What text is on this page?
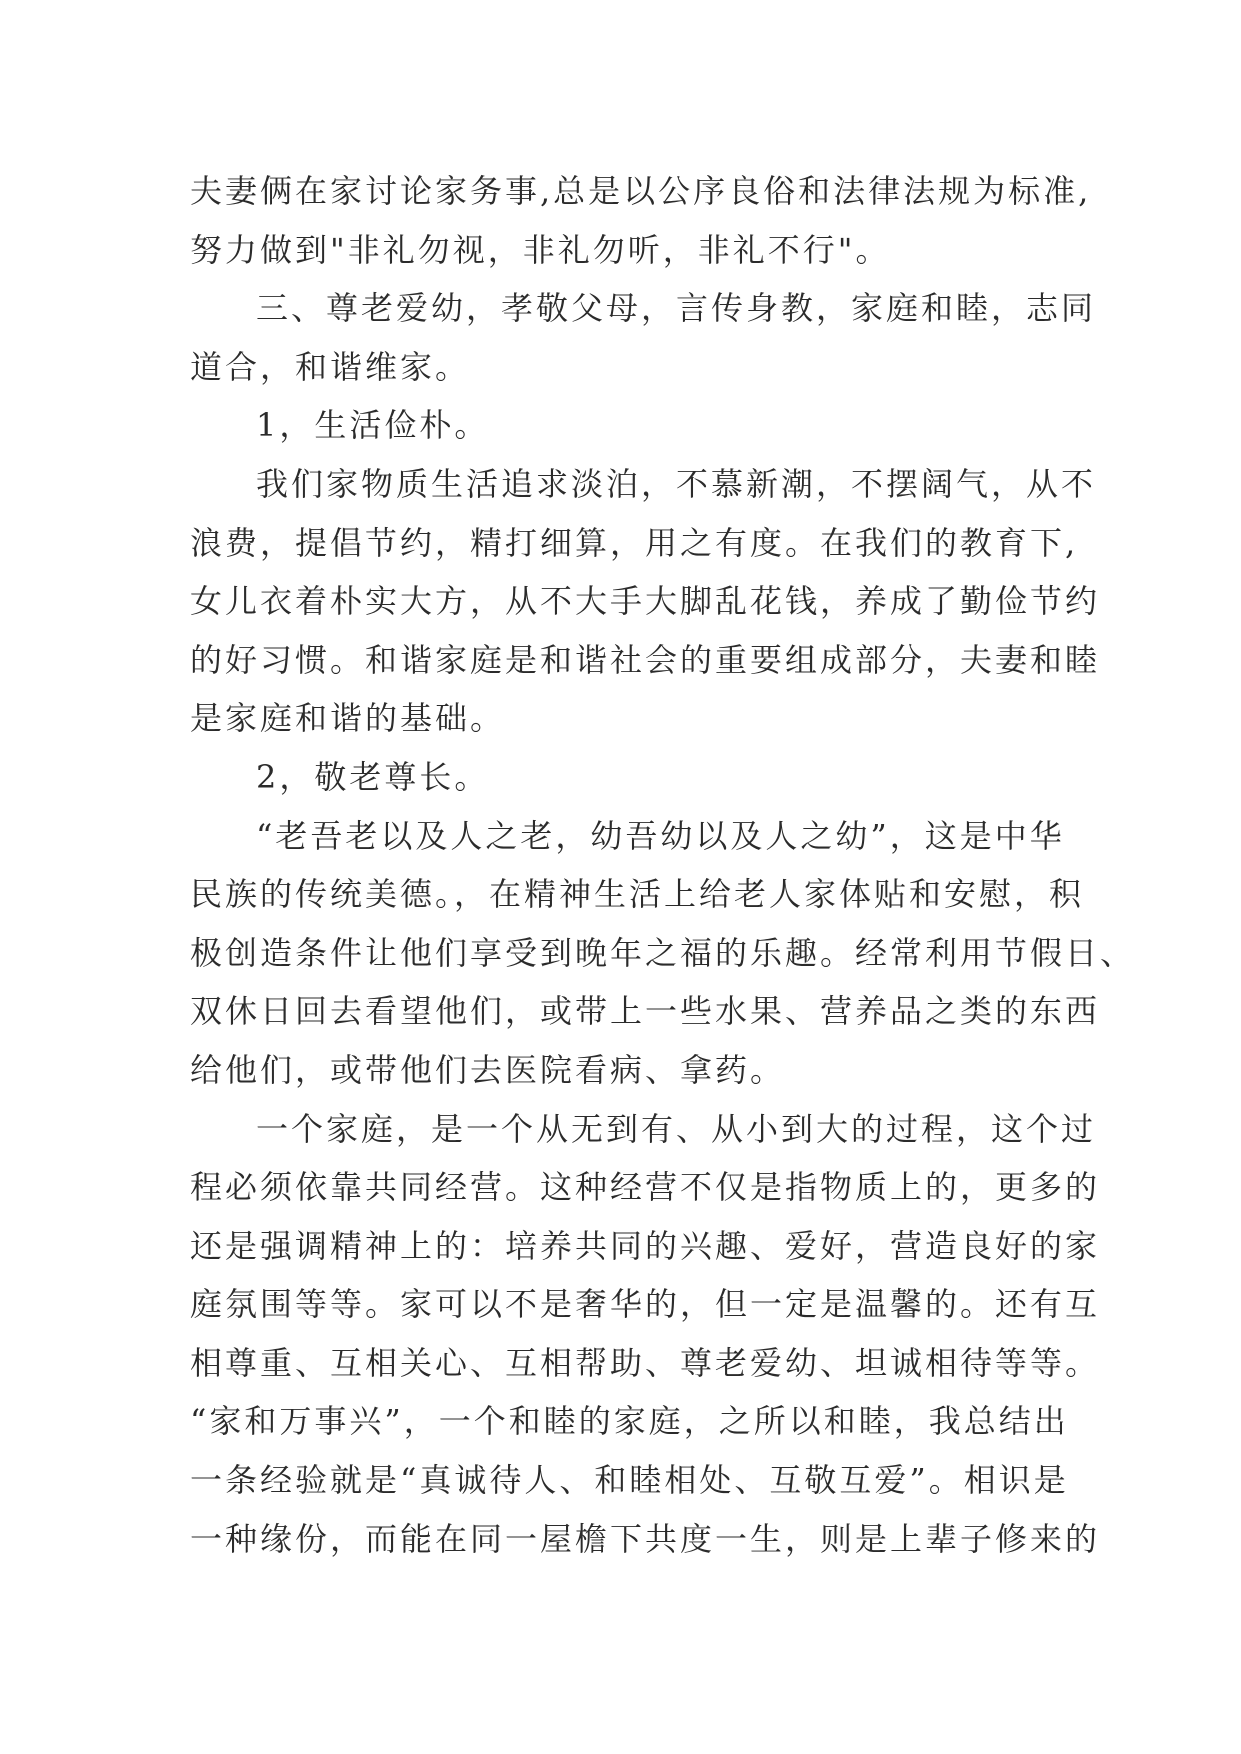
夫妻俩在家讨论家务事,总是以公序良俗和法律法规为标准,
努力做到"非礼勿视，非礼勿听，非礼不行"。
三、尊老爱幼，孝敬父母，言传身教，家庭和睦，志同
道合，和谐维家。
1，生活俭朴。
我们家物质生活追求淡泊，不慕新潮，不摆阔气，从不
浪费，提倡节约，精打细算，用之有度。在我们的教育下,
女儿衣着朴实大方，从不大手大脚乱花钱，养成了勤俭节约
的好习惯。和谐家庭是和谐社会的重要组成部分，夫妻和睦
是家庭和谐的基础。
2，敬老尊长。
“老吾老以及人之老，幼吾幼以及人之幼”，这是中华
民族的传统美德。，在精神生活上给老人家体贴和安慰，积
极创造条件让他们享受到晚年之福的乐趣。经常利用节假日、
双休日回去看望他们，或带上一些水果、营养品之类的东西
给他们，或带他们去医院看病、拿药。
一个家庭，是一个从无到有、从小到大的过程，这个过
程必须依靠共同经营。这种经营不仅是指物质上的，更多的
还是强调精神上的：培养共同的兴趣、爱好，营造良好的家
庭氛围等等。家可以不是奢华的，但一定是温馨的。还有互
相尊重、互相关心、互相帮助、尊老爱幼、坦诚相待等等。
“家和万事兴”，一个和睦的家庭，之所以和睦，我总结出
一条经验就是“真诚待人、和睦相处、互敬互爱”。相识是
一种缘份，而能在同一屋檐下共度一生，则是上辈子修来的
